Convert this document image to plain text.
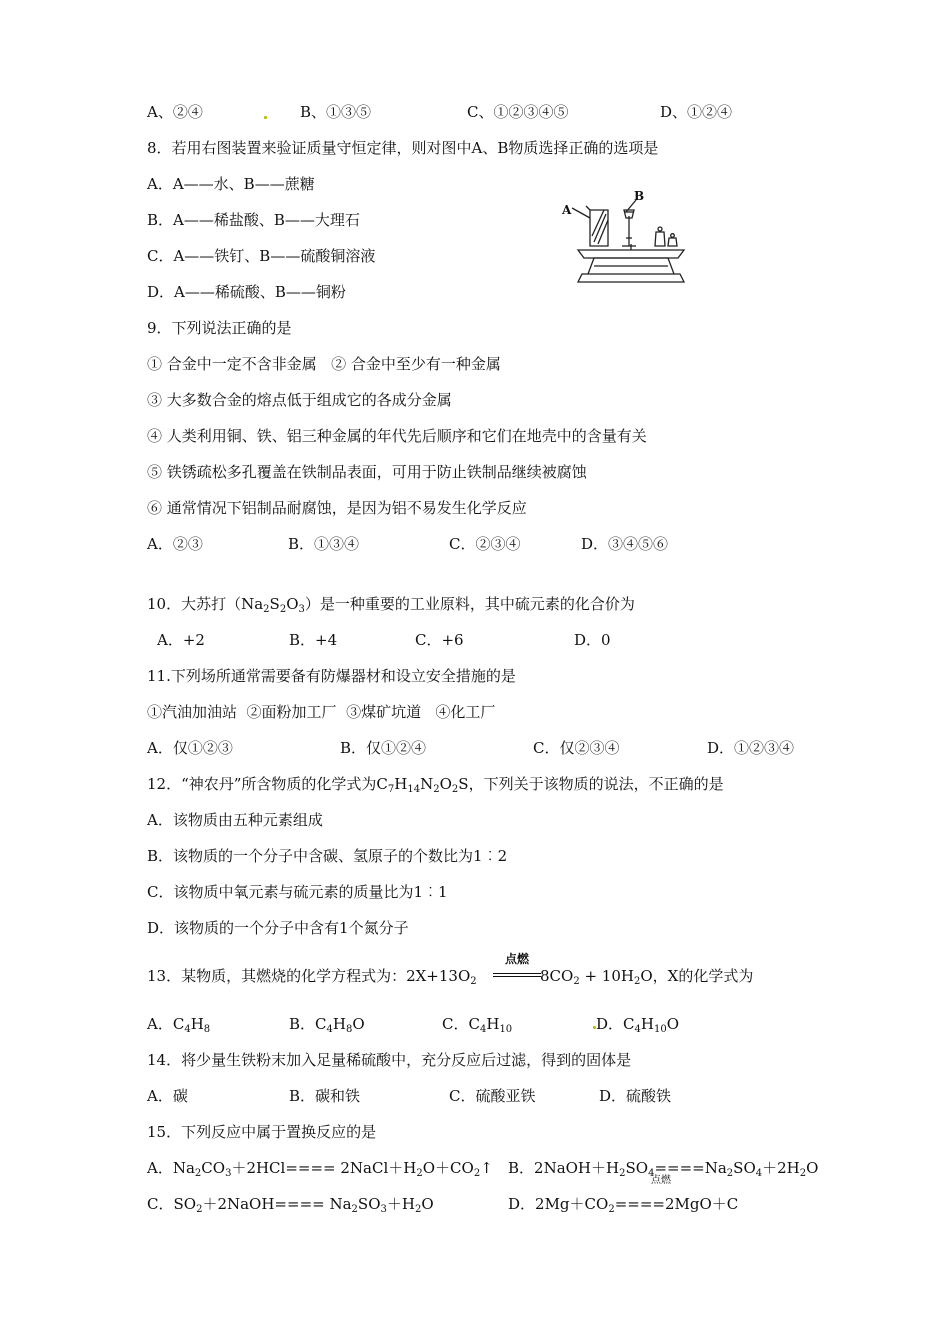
A、②④	B、①③⑤	C、①②③④⑤	D、①②④
8．若用右图装置来验证质量守恒定律，则对图中A、B物质选择正确的选项是
A．A——水、B——蔗糖
B．A——稀盐酸、B——大理石
C．A——铁钉、B——硫酸铜溶液
D．A——稀硫酸、B——铜粉
A
B
9．下列说法正确的是
① 合金中一定不含非金属   ② 合金中至少有一种金属
③ 大多数合金的熔点低于组成它的各成分金属
④ 人类利用铜、铁、铝三种金属的年代先后顺序和它们在地壳中的含量有关
⑤ 铁锈疏松多孔覆盖在铁制品表面，可用于防止铁制品继续被腐蚀
⑥ 通常情况下铝制品耐腐蚀，是因为铝不易发生化学反应
A．②③	B．①③④	C．②③④	D．③④⑤⑥
10．大苏打$(Na_2S_2O_3)$是一种重要的工业原料，其中硫元素的化合价为
A．+2	B．+4	C．+6	D．0
11.下列场所通常需要备有防爆器材和设立安全措施的是
①汽油加油站  ②面粉加工厂  ③煤矿坑道   ④化工厂
A．仅①②③	B．仅①②④	C．仅②③④	D．①②③④
12．“神农丹”所含物质的化学式为$C_7H_{14}N_2O_2S$，下列关于该物质的说法，不正确的是
A．该物质由五种元素组成
B．该物质的一个分子中含碳、氢原子的个数比为1︰2
C．该物质中氧元素与硫元素的质量比为1︰1
D．该物质的一个分子中含有1个氮分子
13．某物质，其燃烧的化学方程式为：$2X+13O_2$
点燃
$8CO_2 + 10H_2O$，X的化学式为
A．$C_4H_8$	B．$C_4H_8O$	C．$C_4H_{10}$	D．$C_4H_{10}O$
14．将少量生铁粉末加入足量稀硫酸中，充分反应后过滤，得到的固体是
A．碳	B．碳和铁	C．硫酸亚铁	D．硫酸铁
15．下列反应中属于置换反应的是
A．$Na_2CO_3+2HCl====$ $2NaCl+H_2O+CO_2↑$ B．$2NaOH+H_2SO_4====Na_2SO_4+2H_2O$
点燃
C．$SO_2+2NaOH==== Na_2SO_3+H_2O$	D．$2Mg+CO_2====2MgO+C$
